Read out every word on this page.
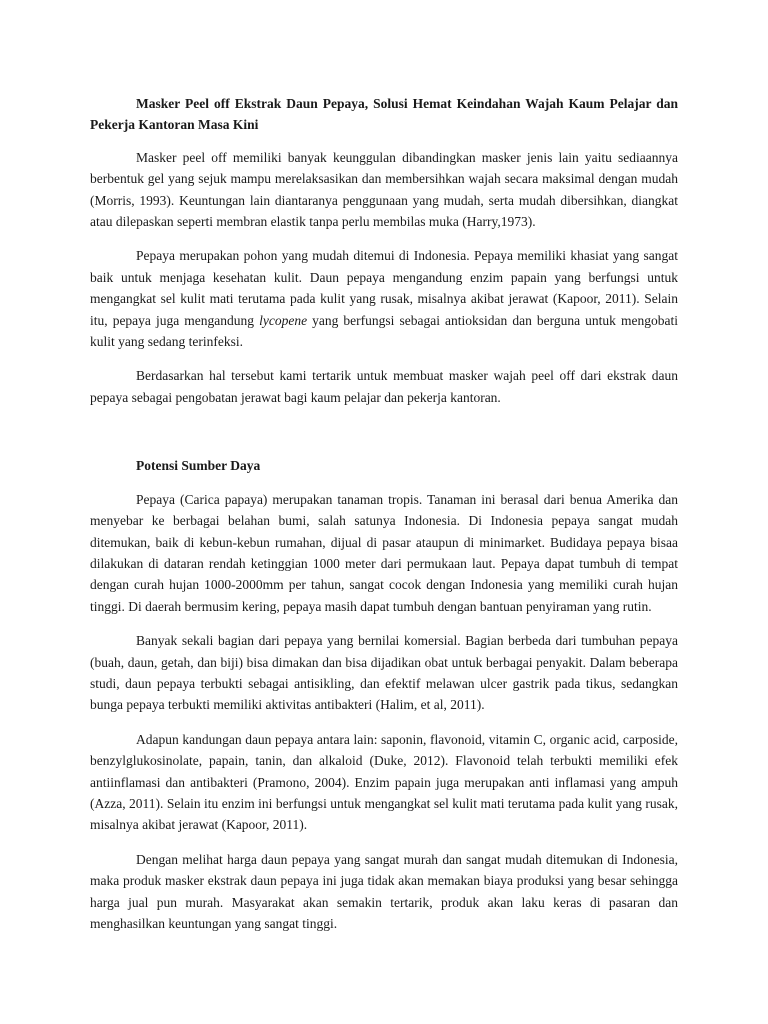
Masker Peel off Ekstrak Daun Pepaya, Solusi Hemat Keindahan Wajah Kaum Pelajar dan Pekerja Kantoran Masa Kini

Masker peel off memiliki banyak keunggulan dibandingkan masker jenis lain yaitu sediaannya berbentuk gel yang sejuk mampu merelaksasikan dan membersihkan wajah secara maksimal dengan mudah (Morris, 1993). Keuntungan lain diantaranya penggunaan yang mudah, serta mudah dibersihkan, diangkat atau dilepaskan seperti membran elastik tanpa perlu membilas muka (Harry,1973).

Pepaya merupakan pohon yang mudah ditemui di Indonesia. Pepaya memiliki khasiat yang sangat baik untuk menjaga kesehatan kulit. Daun pepaya mengandung enzim papain yang berfungsi untuk mengangkat sel kulit mati terutama pada kulit yang rusak, misalnya akibat jerawat (Kapoor, 2011). Selain itu, pepaya juga mengandung lycopene yang berfungsi sebagai antioksidan dan berguna untuk mengobati kulit yang sedang terinfeksi.

Berdasarkan hal tersebut kami tertarik untuk membuat masker wajah peel off dari ekstrak daun pepaya sebagai pengobatan jerawat bagi kaum pelajar dan pekerja kantoran.

Potensi Sumber Daya

Pepaya (Carica papaya) merupakan tanaman tropis. Tanaman ini berasal dari benua Amerika dan menyebar ke berbagai belahan bumi, salah satunya Indonesia. Di Indonesia pepaya sangat mudah ditemukan, baik di kebun-kebun rumahan, dijual di pasar ataupun di minimarket. Budidaya pepaya bisaa dilakukan di dataran rendah ketinggian 1000 meter dari permukaan laut. Pepaya dapat tumbuh di tempat dengan curah hujan 1000-2000mm per tahun, sangat cocok dengan Indonesia yang memiliki curah hujan tinggi. Di daerah bermusim kering, pepaya masih dapat tumbuh dengan bantuan penyiraman yang rutin.

Banyak sekali bagian dari pepaya yang bernilai komersial. Bagian berbeda dari tumbuhan pepaya (buah, daun, getah, dan biji) bisa dimakan dan bisa dijadikan obat untuk berbagai penyakit. Dalam beberapa studi, daun pepaya terbukti sebagai antisikling, dan efektif melawan ulcer gastrik pada tikus, sedangkan bunga pepaya terbukti memiliki aktivitas antibakteri (Halim, et al, 2011).

Adapun kandungan daun pepaya antara lain: saponin, flavonoid, vitamin C, organic acid, carposide, benzylglukosinolate, papain, tanin, dan alkaloid (Duke, 2012). Flavonoid telah terbukti memiliki efek antiinflamasi dan antibakteri (Pramono, 2004). Enzim papain juga merupakan anti inflamasi yang ampuh (Azza, 2011). Selain itu enzim ini berfungsi untuk mengangkat sel kulit mati terutama pada kulit yang rusak, misalnya akibat jerawat (Kapoor, 2011).

Dengan melihat harga daun pepaya yang sangat murah dan sangat mudah ditemukan di Indonesia, maka produk masker ekstrak daun pepaya ini juga tidak akan memakan biaya produksi yang besar sehingga harga jual pun murah. Masyarakat akan semakin tertarik, produk akan laku keras di pasaran dan menghasilkan keuntungan yang sangat tinggi.
